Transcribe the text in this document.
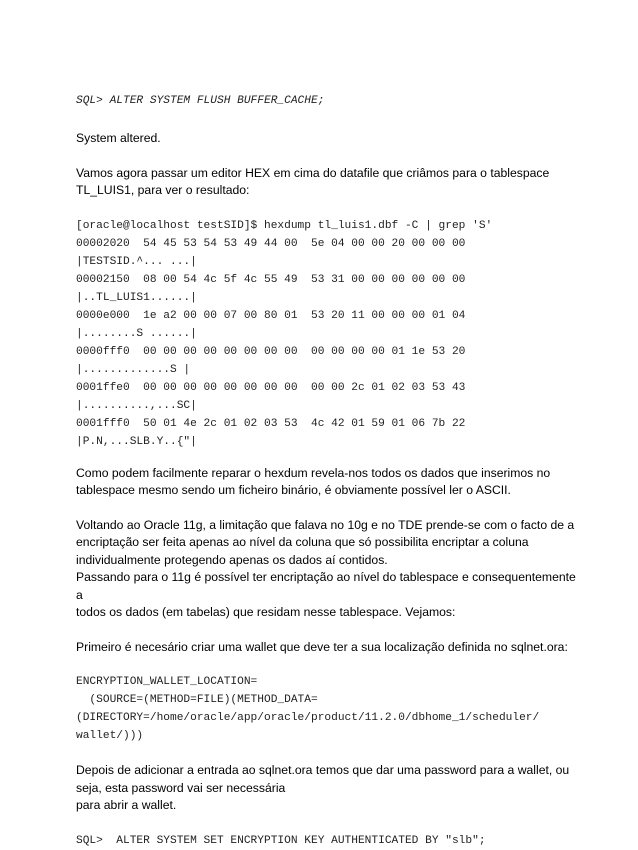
SQL> ALTER SYSTEM FLUSH BUFFER_CACHE;

System altered.

Vamos agora passar um editor HEX em cima do datafile que criâmos para o tablespace
TL_LUIS1, para ver o resultado:

[oracle@localhost testSID]$ hexdump tl_luis1.dbf -C | grep 'S'

00002020  54 45 53 54 53 49 44 00  5e 04 00 00 20 00 00 00

|TESTSID.^... ...|

00002150  08 00 54 4c 5f 4c 55 49  53 31 00 00 00 00 00 00

|..TL_LUIS1......|

0000e000  1e a2 00 00 07 00 80 01  53 20 11 00 00 00 01 04

|........S ......|

0000fff0  00 00 00 00 00 00 00 00  00 00 00 00 01 1e 53 20

|.............S |

0001ffe0  00 00 00 00 00 00 00 00  00 00 2c 01 02 03 53 43

|..........,...SC|

0001fff0  50 01 4e 2c 01 02 03 53  4c 42 01 59 01 06 7b 22

|P.N,...SLB.Y..{"|

Como podem facilmente reparar o hexdum revela-nos todos os dados que inserimos no
tablespace mesmo sendo um ficheiro binário, é obviamente possível ler o ASCII.

Voltando ao Oracle 11g, a limitação que falava no 10g e no TDE prende-se com o facto de a
encriptação ser feita apenas ao nível da coluna que só possibilita encriptar a coluna
individualmente protegendo apenas os dados aí contidos.
Passando para o 11g é possível ter encriptação ao nível do tablespace e consequentemente a
todos os dados (em tabelas) que residam nesse tablespace. Vejamos:

Primeiro é necesário criar uma wallet que deve ter a sua localização definida no sqlnet.ora:

ENCRYPTION_WALLET_LOCATION=

(SOURCE=(METHOD=FILE)(METHOD_DATA=

(DIRECTORY=/home/oracle/app/oracle/product/11.2.0/dbhome_1/scheduler/

wallet/)))

Depois de adicionar a entrada ao sqlnet.ora temos que dar uma password para a wallet, ou
seja, esta password vai ser necessária
para abrir a wallet.

SQL>  ALTER SYSTEM SET ENCRYPTION KEY AUTHENTICATED BY "slb";
